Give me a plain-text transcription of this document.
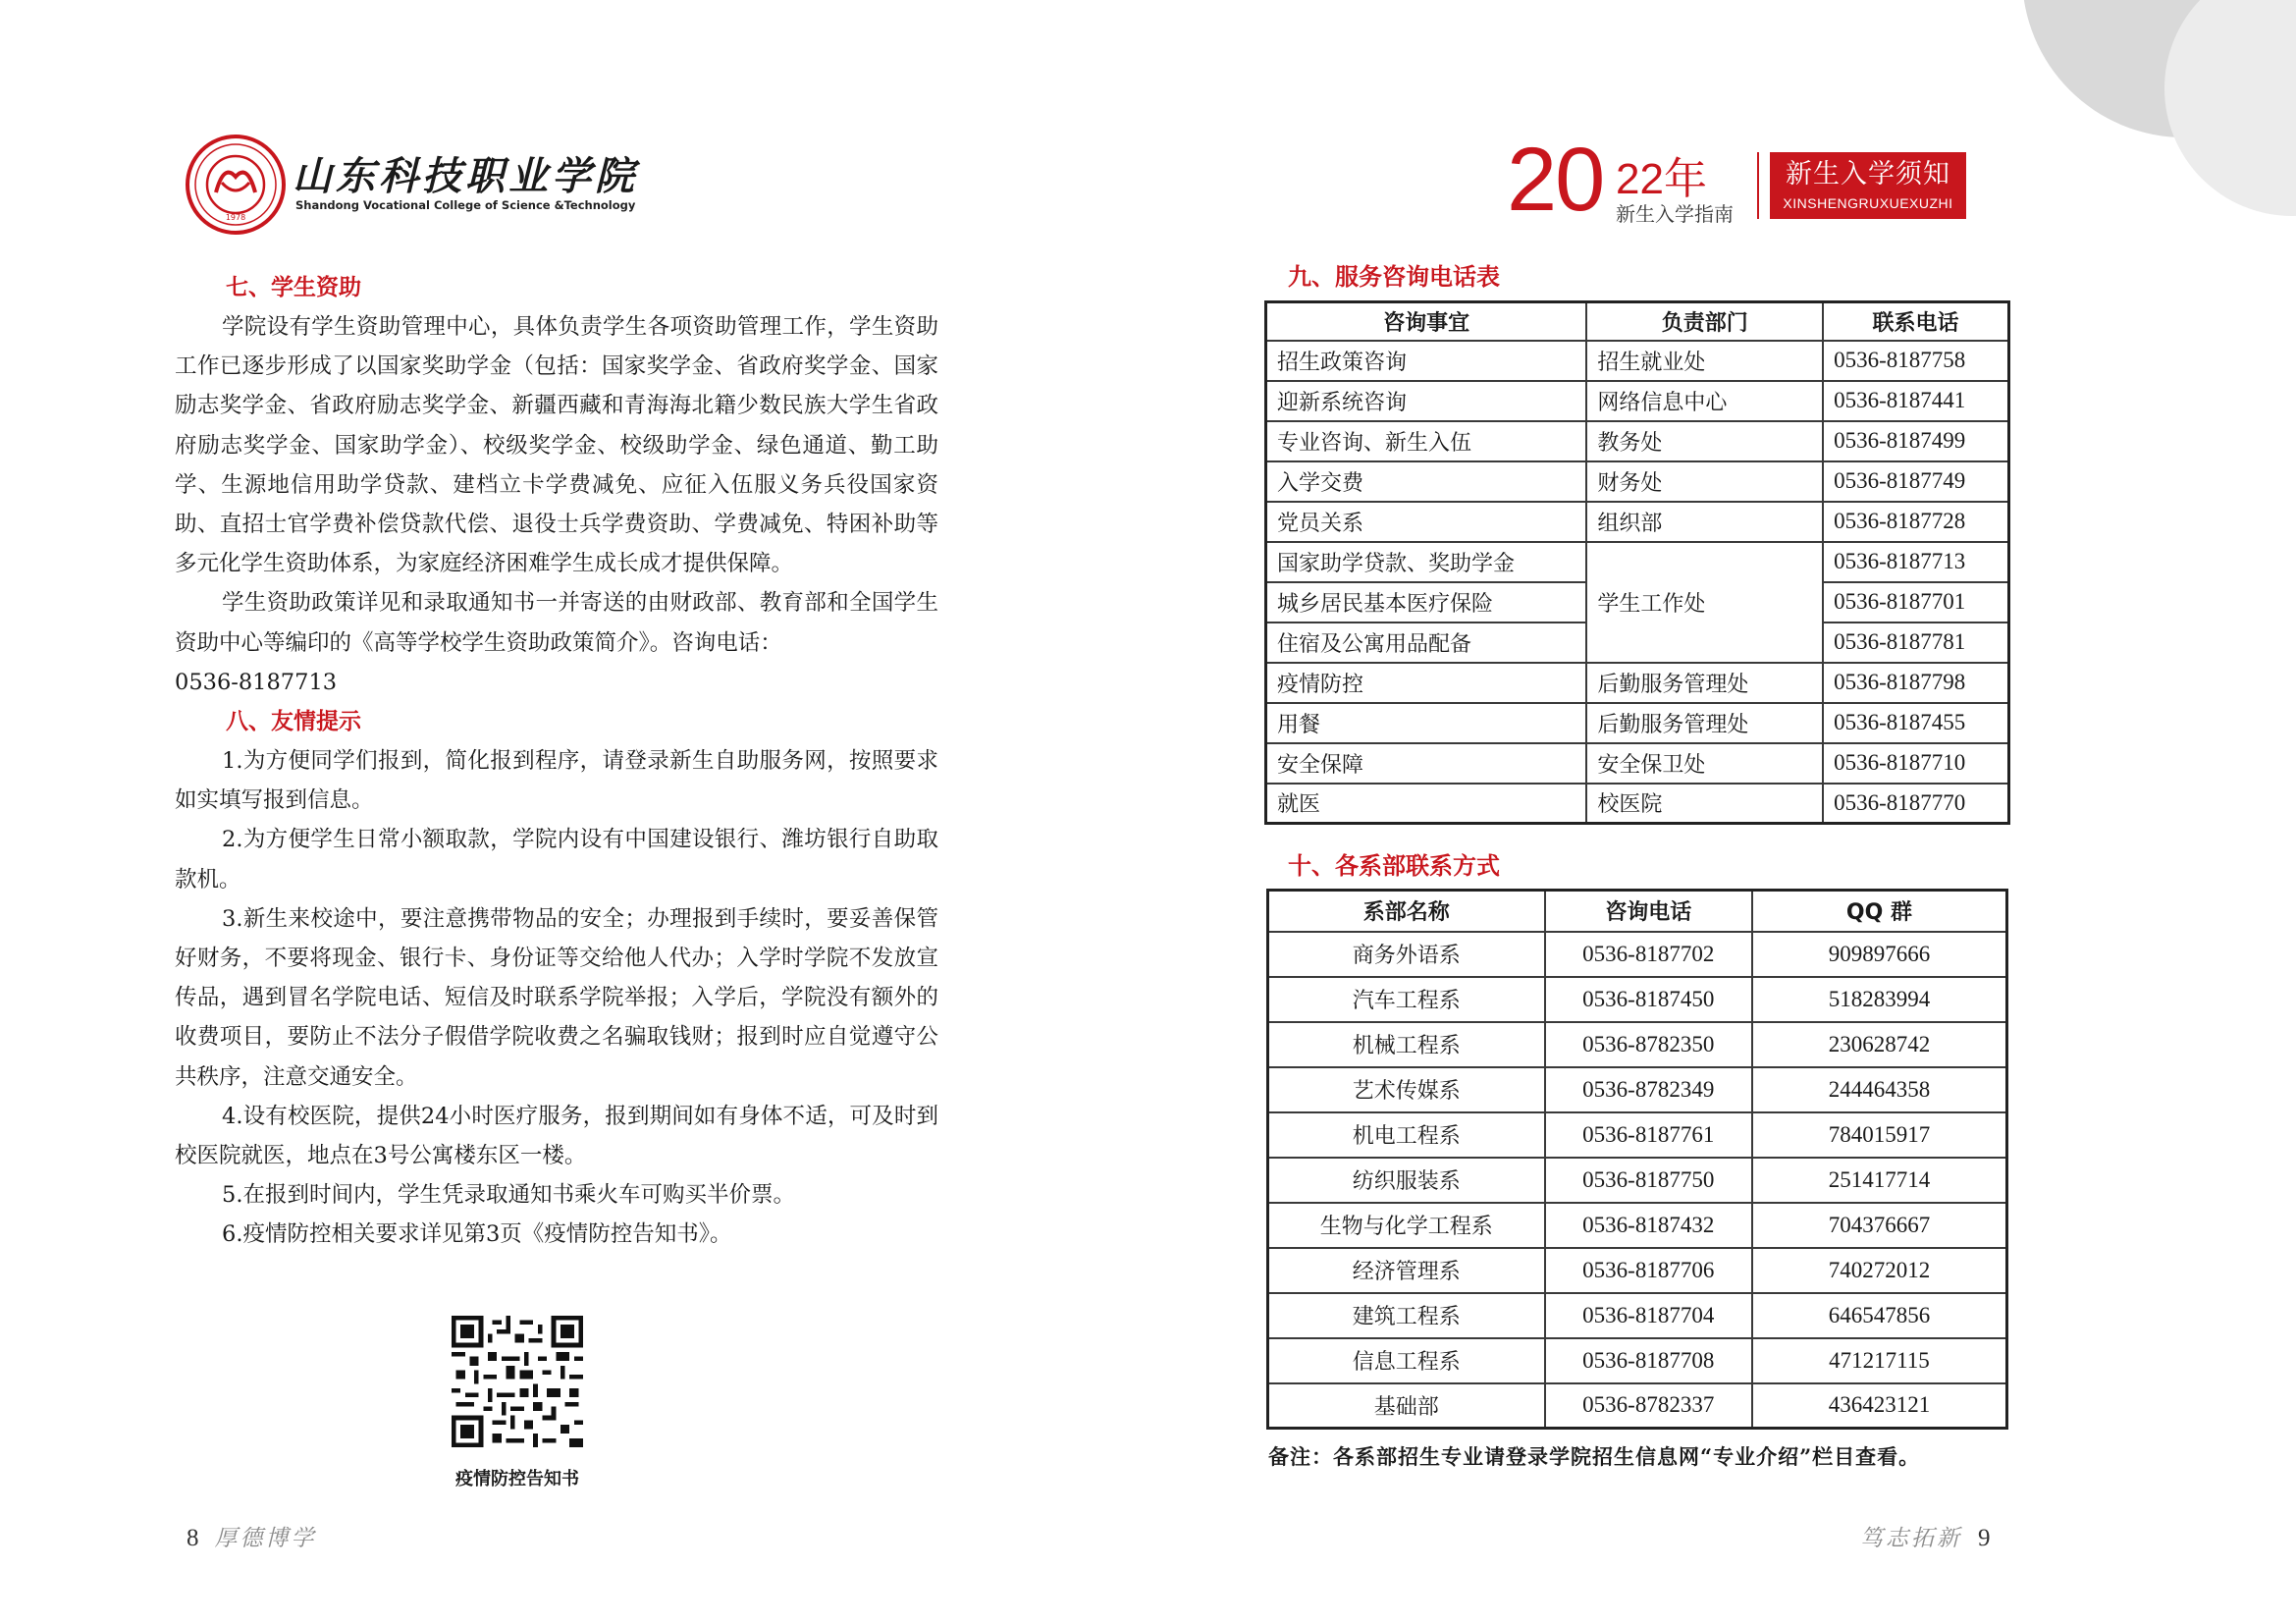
1978
山东科技职业学院
Shandong Vocational College of Science &Technology	20 22年
新生入学指南
新生入学须知
XINSHENGRUXUEXUZHI
七、学生资助

学院设有学生资助管理中心，具体负责学生各项资助管理工作，学生资助工作已逐步形成了以国家奖助学金（包括：国家奖学金、省政府奖学金、国家励志奖学金、省政府励志奖学金、新疆西藏和青海海北籍少数民族大学生省政府励志奖学金、国家助学金）、校级奖学金、校级助学金、绿色通道、勤工助学、生源地信用助学贷款、建档立卡学费减免、应征入伍服义务兵役国家资助、直招士官学费补偿贷款代偿、退役士兵学费资助、学费减免、特困补助等多元化学生资助体系，为家庭经济困难学生成长成才提供保障。

学生资助政策详见和录取通知书一并寄送的由财政部、教育部和全国学生资助中心等编印的《高等学校学生资助政策简介》。咨询电话：

0536-8187713

八、友情提示

1.为方便同学们报到，简化报到程序，请登录新生自助服务网，按照要求如实填写报到信息。

2.为方便学生日常小额取款，学院内设有中国建设银行、潍坊银行自助取款机。

3.新生来校途中，要注意携带物品的安全；办理报到手续时，要妥善保管好财务，不要将现金、银行卡、身份证等交给他人代办；入学时学院不发放宣传品，遇到冒名学院电话、短信及时联系学院举报；入学后，学院没有额外的收费项目，要防止不法分子假借学院收费之名骗取钱财；报到时应自觉遵守公共秩序，注意交通安全。

4.设有校医院，提供24小时医疗服务，报到期间如有身体不适，可及时到校医院就医，地点在3号公寓楼东区一楼。

5.在报到时间内，学生凭录取通知书乘火车可购买半价票。

6.疫情防控相关要求详见第3页《疫情防控告知书》。

疫情防控告知书
九、服务咨询电话表
咨询事宜	负责部门	联系电话
招生政策咨询	招生就业处	0536-8187758
迎新系统咨询	网络信息中心	0536-8187441
专业咨询、新生入伍	教务处	0536-8187499
入学交费	财务处	0536-8187749
党员关系	组织部	0536-8187728
国家助学贷款、奖助学金	学生工作处	0536-8187713
城乡居民基本医疗保险		0536-8187701
住宿及公寓用品配备		0536-8187781
疫情防控	后勤服务管理处	0536-8187798
用餐	后勤服务管理处	0536-8187455
安全保障	安全保卫处	0536-8187710
就医	校医院	0536-8187770
十、各系部联系方式
系部名称	咨询电话	QQ 群
商务外语系	0536-8187702	909897666
汽车工程系	0536-8187450	518283994
机械工程系	0536-8782350	230628742
艺术传媒系	0536-8782349	244464358
机电工程系	0536-8187761	784015917
纺织服装系	0536-8187750	251417714
生物与化学工程系	0536-8187432	704376667
经济管理系	0536-8187706	740272012
建筑工程系	0536-8187704	646547856
信息工程系	0536-8187708	471217115
基础部	0536-8782337	436423121
备注：各系部招生专业请登录学院招生信息网“专业介绍”栏目查看。
8 厚德博学	笃志拓新 9
